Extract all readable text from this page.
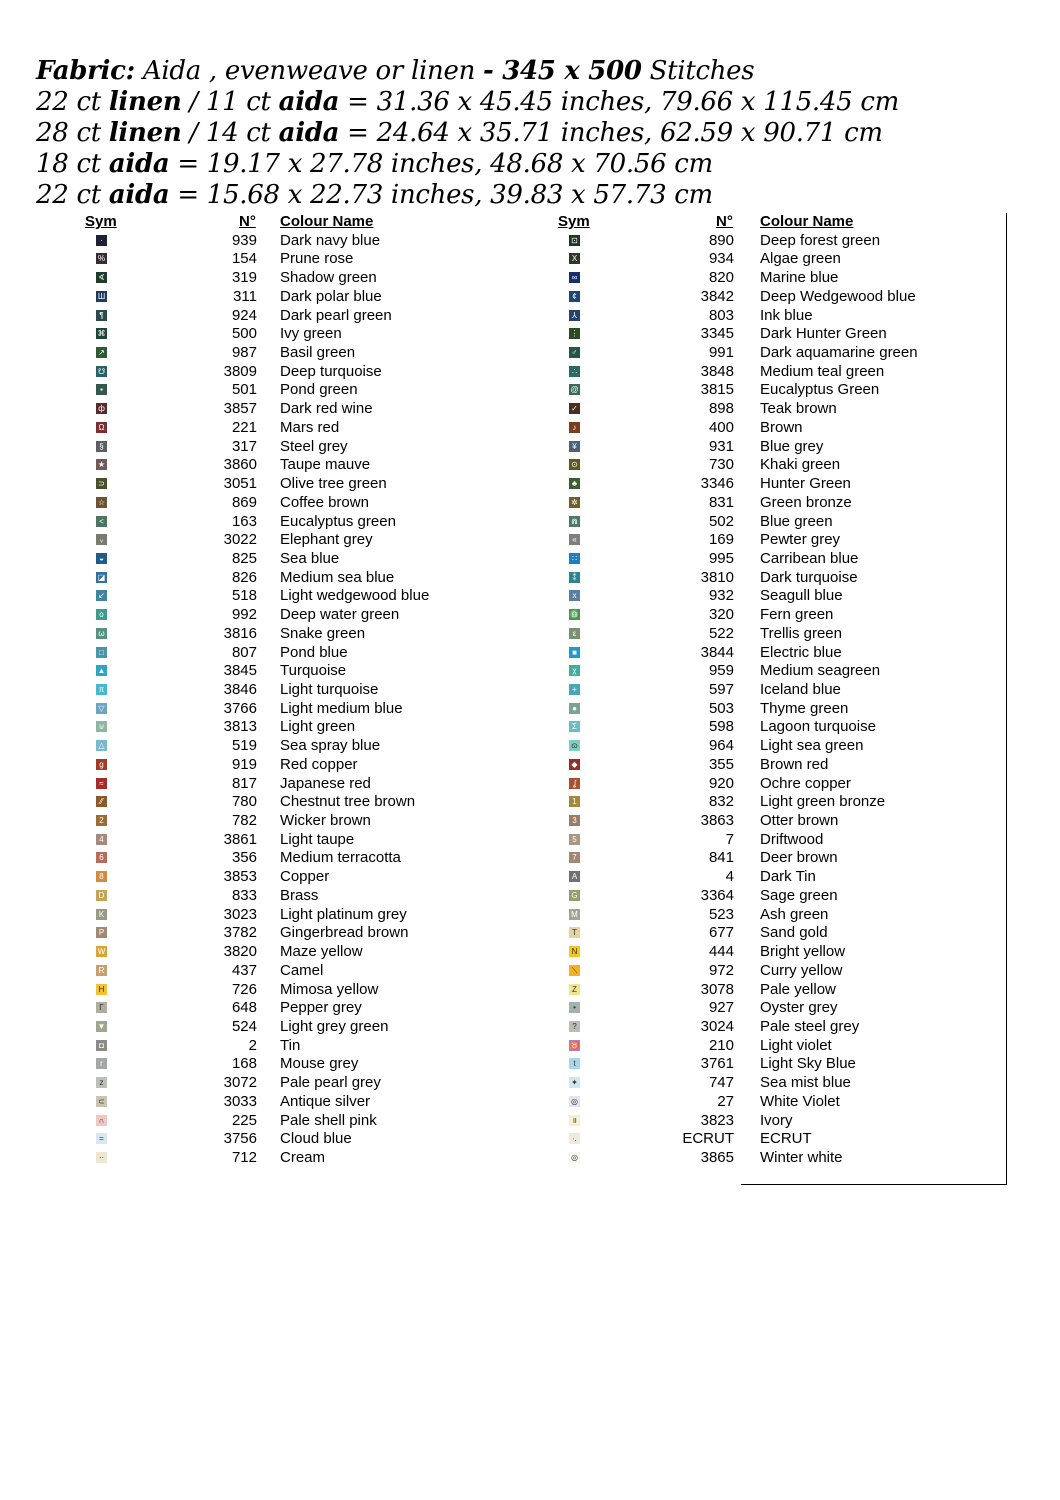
Fabric: Aida , evenweave or linen - 345 x 500 Stitches
22 ct linen / 11 ct aida = 31.36 x 45.45 inches, 79.66 x 115.45 cm
28 ct linen / 14 ct aida = 24.64 x 35.71 inches, 62.59 x 90.71 cm
18 ct aida = 19.17 x 27.78 inches, 48.68 x 70.56 cm
22 ct aida = 15.68 x 22.73 inches, 39.83 x 57.73 cm
Sym	N° Colour Name
·	939 Dark navy blue
%	154 Prune rose
∢	319 Shadow green
Ш	311 Dark polar blue
¶	924 Dark pearl green
⌘	500 Ivy green
↗	987 Basil green
☋	3809 Deep turquoise
▪	501 Pond green
ф	3857 Dark red wine
Ω	221 Mars red
§	317 Steel grey
★	3860 Taupe mauve
⊃	3051 Olive tree green
☆	869 Coffee brown
<	163 Eucalyptus green
ᵥ	3022 Elephant grey
◒	825 Sea blue
◪	826 Medium sea blue
↙	518 Light wedgewood blue
o	992 Deep water green
ω	3816 Snake green
□	807 Pond blue
▲	3845 Turquoise
π	3846 Light turquoise
▽	3766 Light medium blue
⊍	3813 Light green
△	519 Sea spray blue
g	919 Red copper
≈	817 Japanese red
⁄⁄	780 Chestnut tree brown
2	782 Wicker brown
4	3861 Light taupe
6	356 Medium terracotta
8	3853 Copper
D	833 Brass
K	3023 Light platinum grey
P	3782 Gingerbread brown
W	3820 Maze yellow
R	437 Camel
H	726 Mimosa yellow
Γ	648 Pepper grey
▼	524 Light grey green
◘	2 Tin
r	168 Mouse grey
z	3072 Pale pearl grey
⊂	3033 Antique silver
∩	225 Pale shell pink
=	3756 Cloud blue
··	712 Cream
Sym	N° Colour Name
⊡	890 Deep forest green
X	934 Algae green
∞	820 Marine blue
¢	3842 Deep Wedgewood blue
⅄	803 Ink blue
⋮	3345 Dark Hunter Green
♂	991 Dark aquamarine green
∴	3848 Medium teal green
@	3815 Eucalyptus Green
✓	898 Teak brown
♪	400 Brown
¥	931 Blue grey
⊙	730 Khaki green
♣	3346 Hunter Green
✲	831 Green bronze
⋒	502 Blue green
«	169 Pewter grey
∷	995 Carribean blue
⁑	3810 Dark turquoise
x	932 Seagull blue
♎	320 Fern green
ε	522 Trellis green
■	3844 Electric blue
χ	959 Medium seagreen
+	597 Iceland blue
●	503 Thyme green
Σ	598 Lagoon turquoise
ɷ	964 Light sea green
◆	355 Brown red
ʆ	920 Ochre copper
1	832 Light green bronze
3	3863 Otter brown
5	7 Driftwood
7	841 Deer brown
A	4 Dark Tin
G	3364 Sage green
M	523 Ash green
T	677 Sand gold
N	444 Bright yellow
⟍	972 Curry yellow
Z	3078 Pale yellow
•	927 Oyster grey
?	3024 Pale steel grey
♉	210 Light violet
t	3761 Light Sky Blue
✦	747 Sea mist blue
◎	27 White Violet
॥	3823 Ivory
∙.	ECRUT ECRUT
◎	3865 Winter white
